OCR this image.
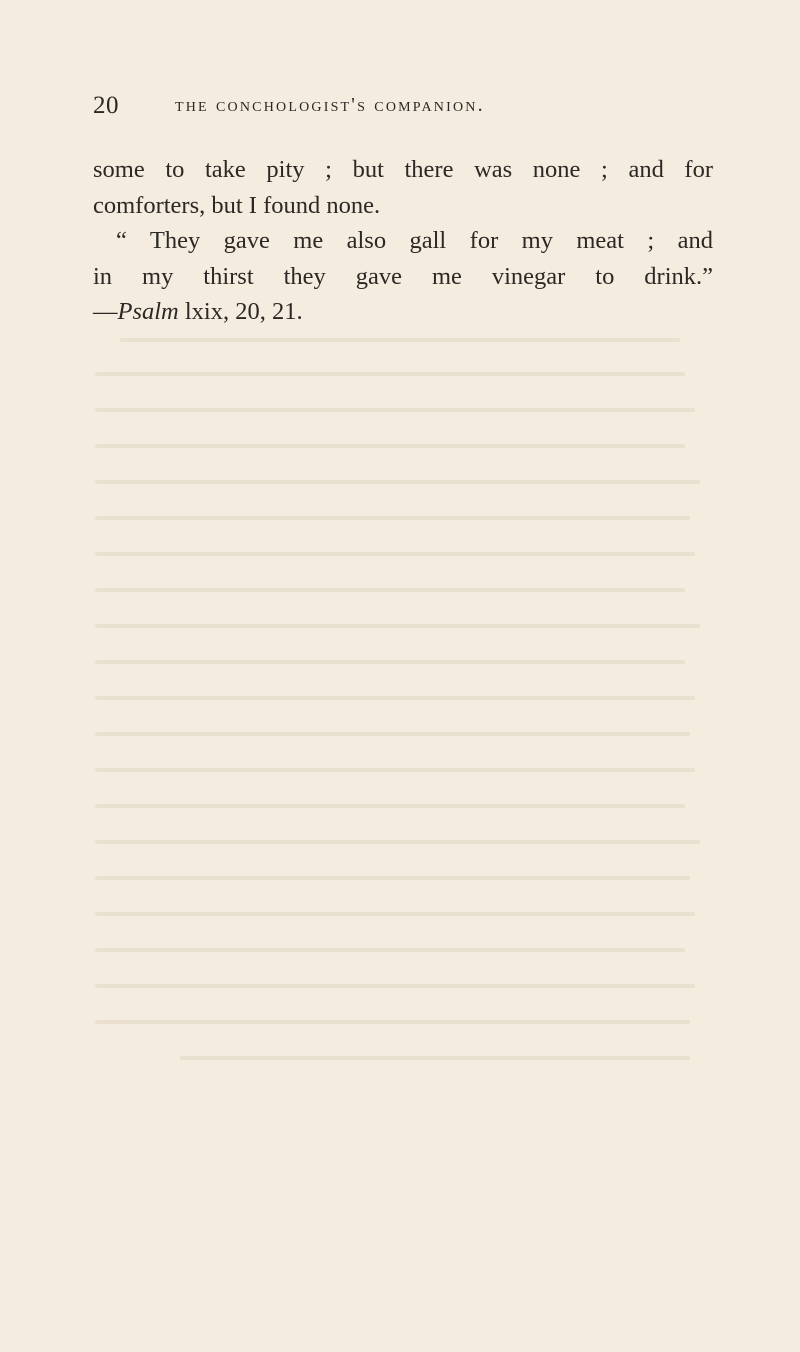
20	the conchologist's companion.
some to take pity ; but there was none ; and for
comforters, but I found none.
“ They gave me also gall for my meat ; and
in my thirst they gave me vinegar to drink.”
—Psalm lxix, 20, 21.
